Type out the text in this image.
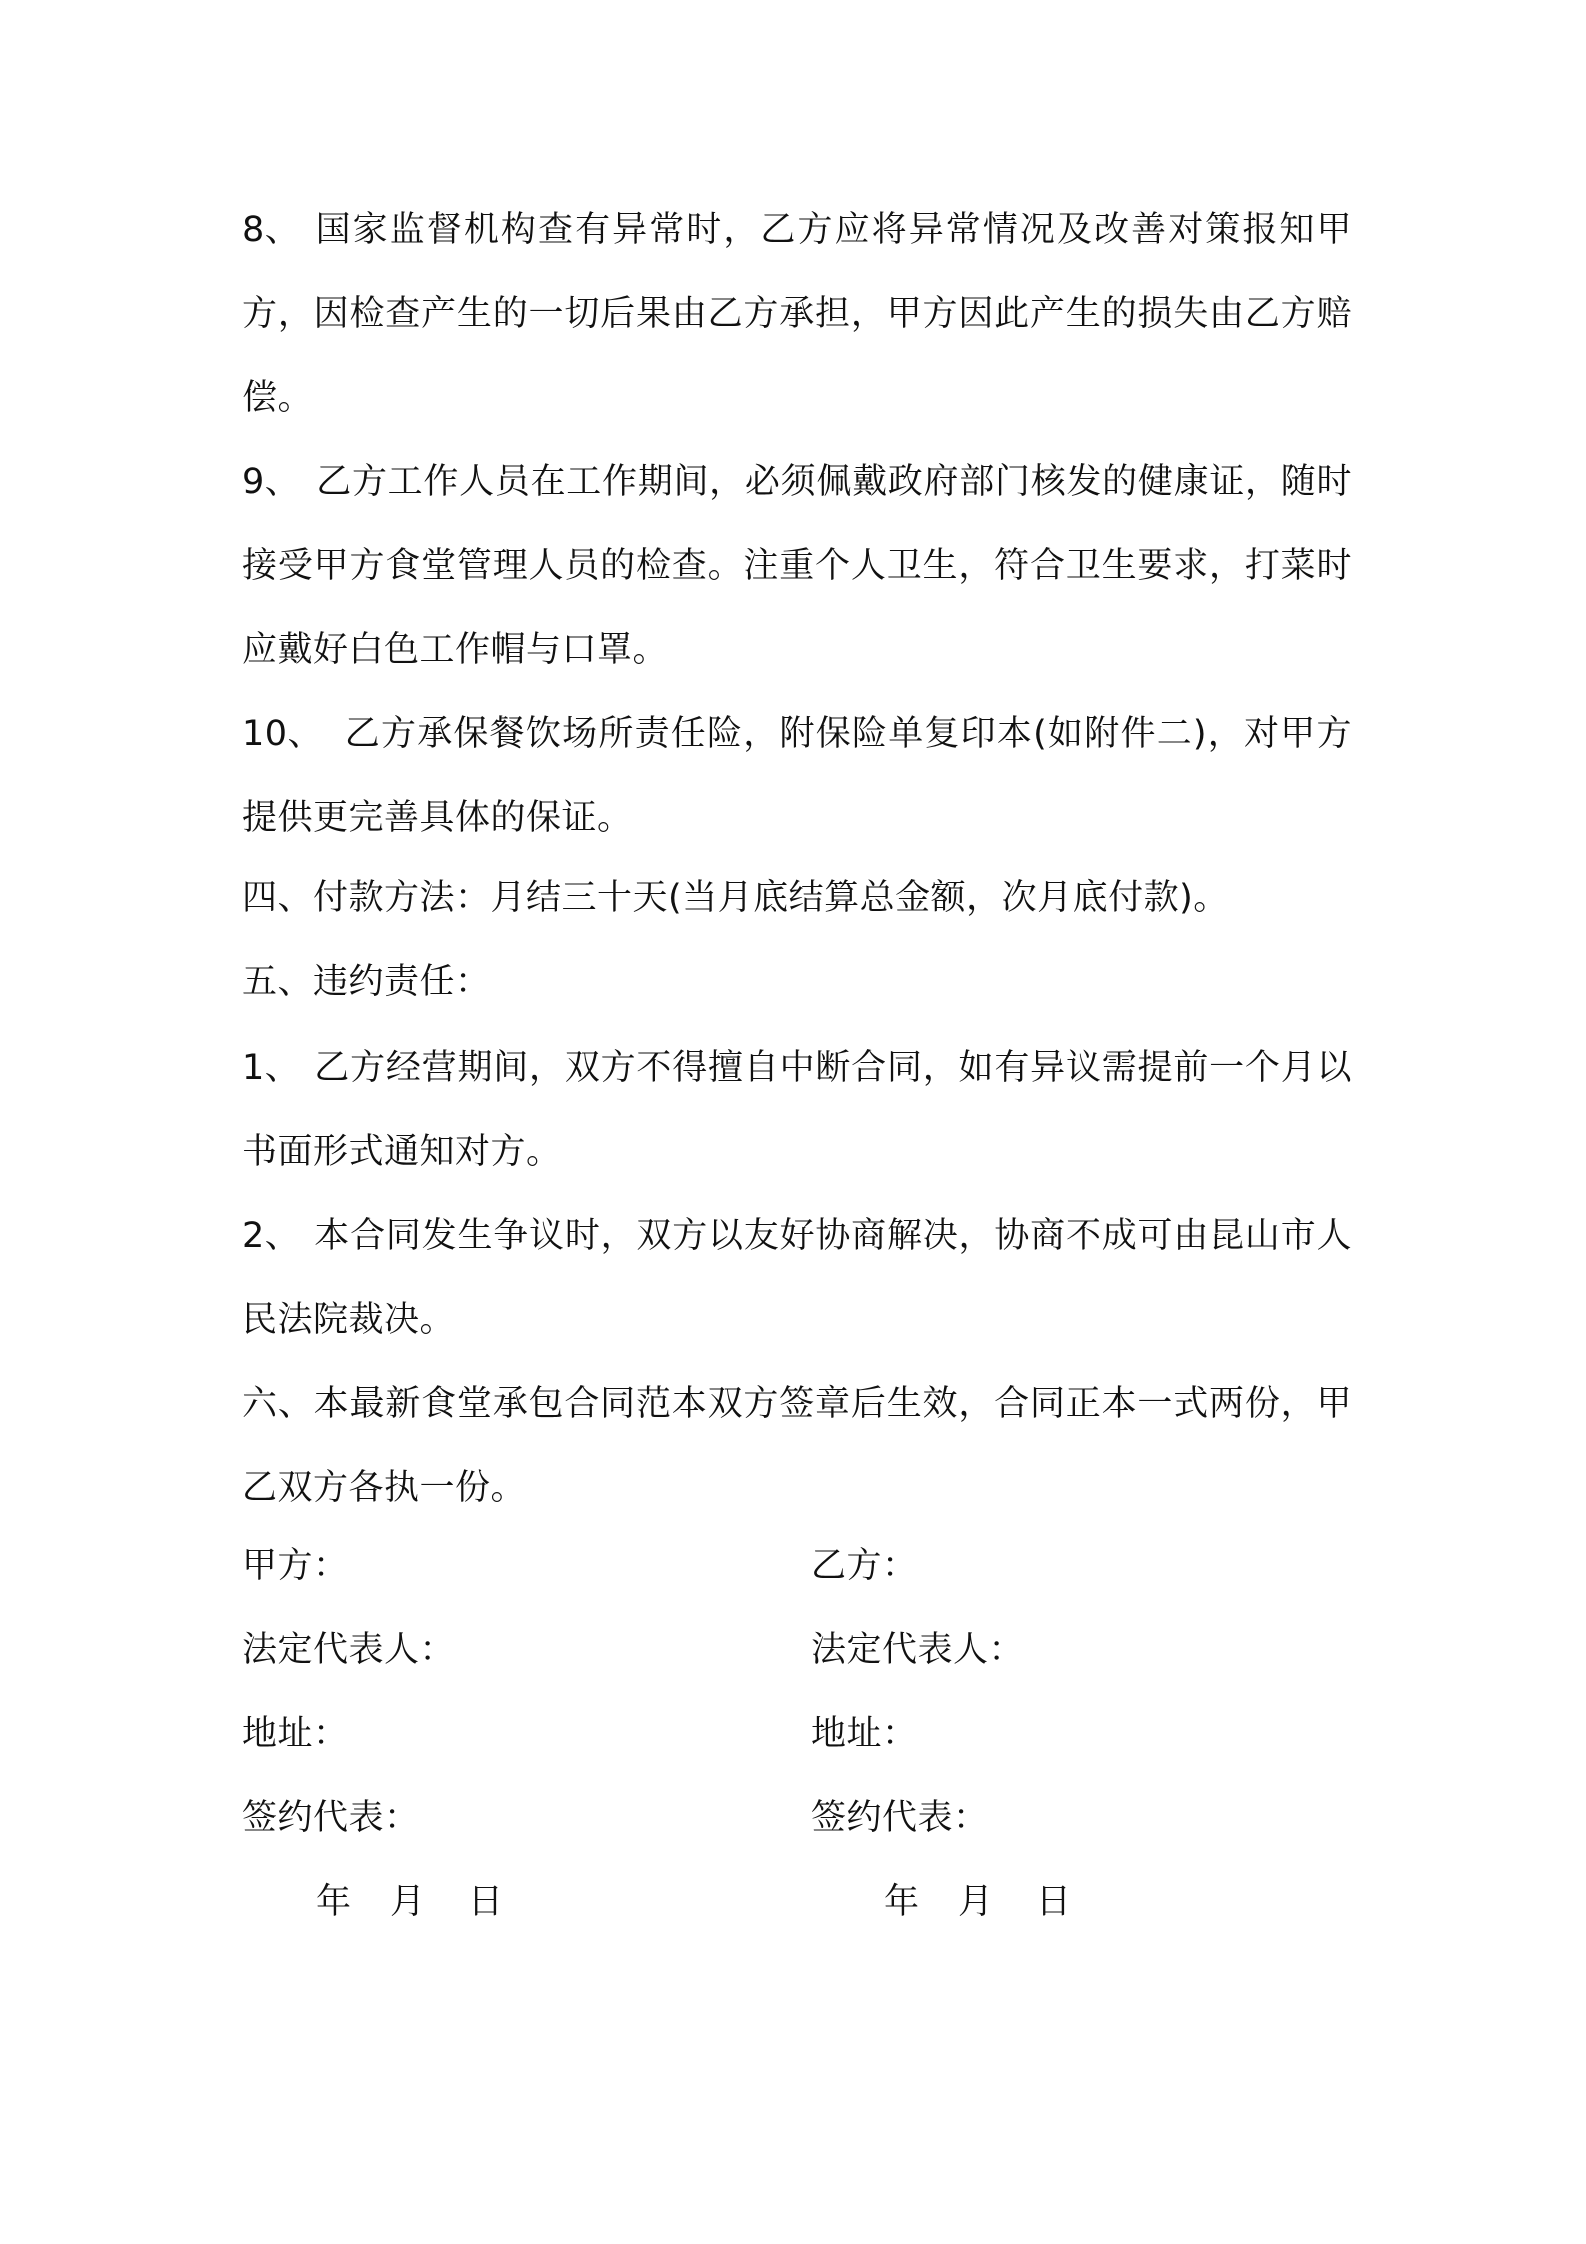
8、 国家监督机构查有异常时，乙方应将异常情况及改善对策报知甲方，因检查产生的一切后果由乙方承担，甲方因此产生的损失由乙方赔偿。
9、 乙方工作人员在工作期间，必须佩戴政府部门核发的健康证，随时接受甲方食堂管理人员的检查。注重个人卫生，符合卫生要求，打菜时应戴好白色工作帽与口罩。
10、 乙方承保餐饮场所责任险，附保险单复印本(如附件二)，对甲方提供更完善具体的保证。
四、付款方法：月结三十天(当月底结算总金额，次月底付款)。
五、违约责任：
1、 乙方经营期间，双方不得擅自中断合同，如有异议需提前一个月以书面形式通知对方。
2、 本合同发生争议时，双方以友好协商解决，协商不成可由昆山市人民法院裁决。
六、本最新食堂承包合同范本双方签章后生效，合同正本一式两份，甲乙双方各执一份。
甲方：
法定代表人：
地址：
签约代表：
乙方：
法定代表人：
地址：
签约代表：
年 月 日	年 月 日
